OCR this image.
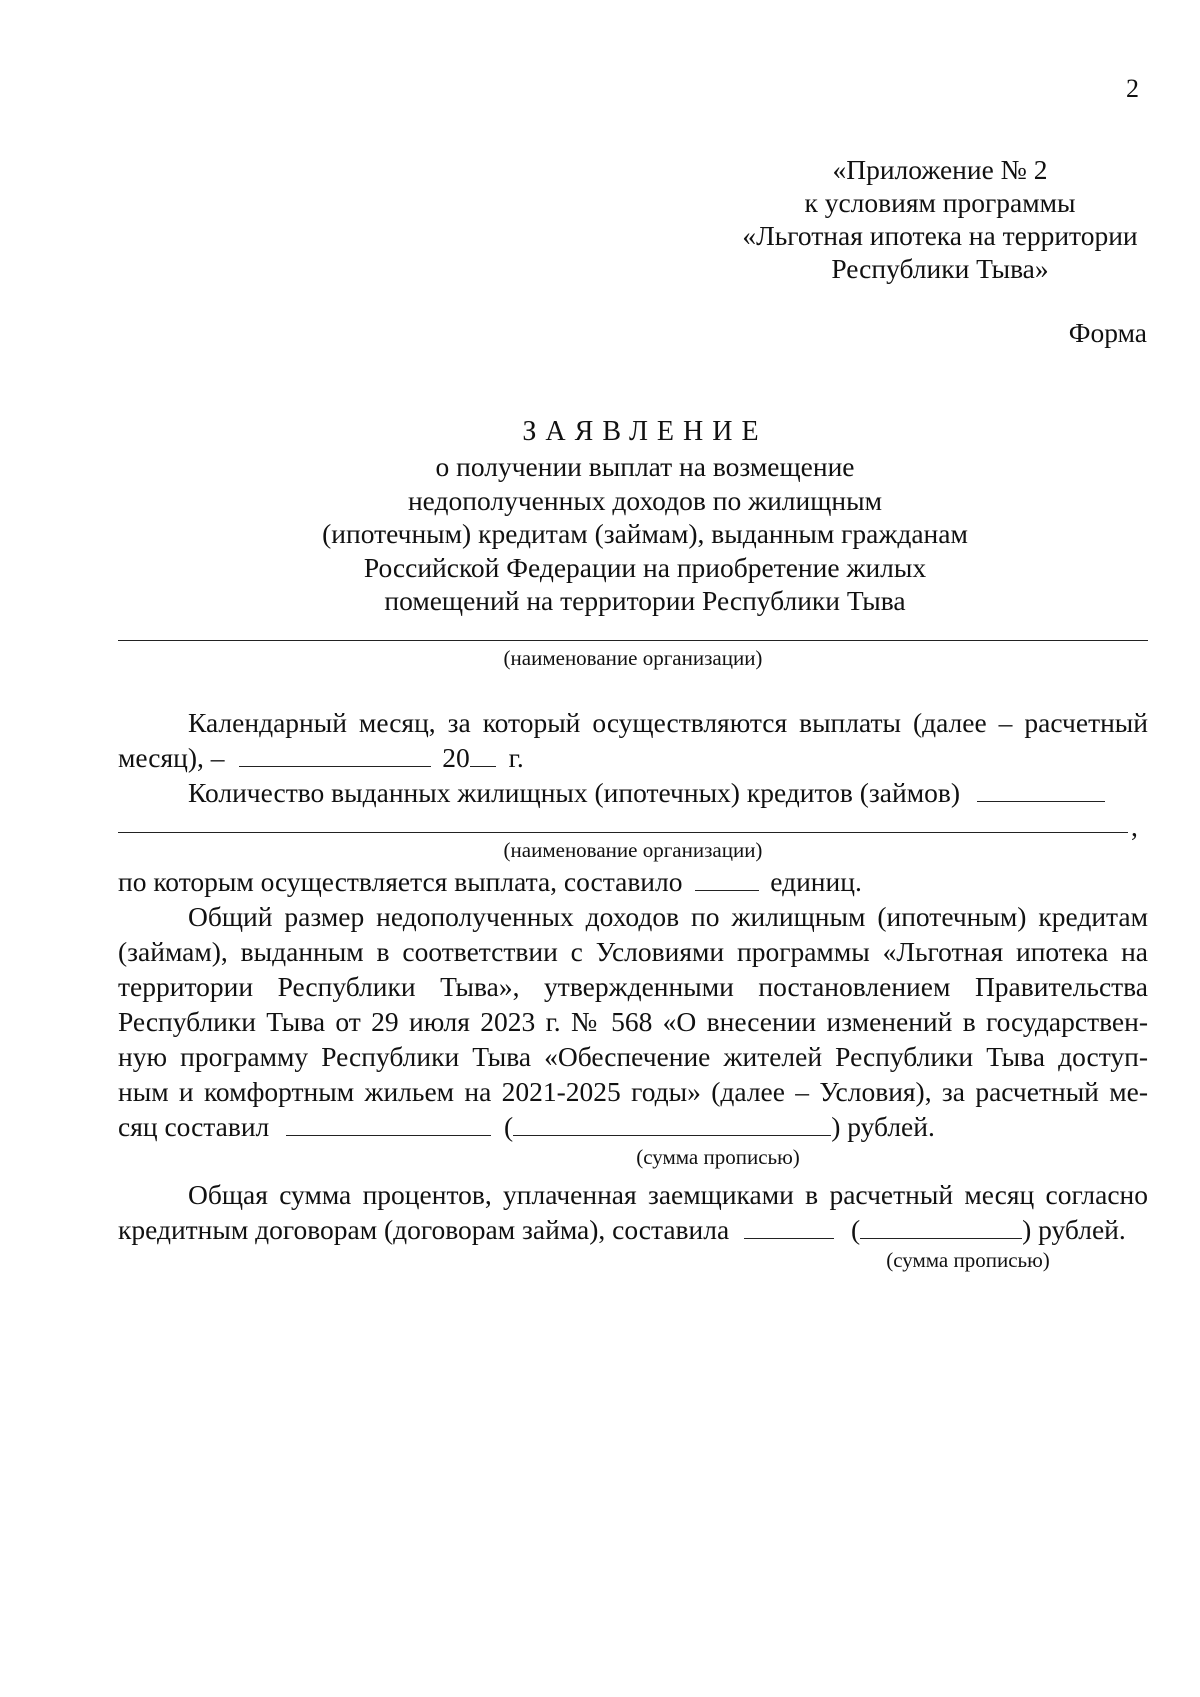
2
«Приложение № 2
к условиям программы
«Льготная ипотека на территории
Республики Тыва»
Форма
ЗАЯВЛЕНИЕ
о получении выплат на возмещение
недополученных доходов по жилищным
(ипотечным) кредитам (займам), выданным гражданам
Российской Федерации на приобретение жилых
помещений на территории Республики Тыва
(наименование организации)
Календарный месяц, за который осуществляются выплаты (далее – расчетный
месяц), –	20 г.
Количество выданных жилищных (ипотечных) кредитов (займов)
,
(наименование организации)
по которым осуществляется выплата, составило	единиц.
Общий размер недополученных доходов по жилищным (ипотечным) кредитам
(займам), выданным в соответствии с Условиями программы «Льготная ипотека на
территории Республики Тыва», утвержденными постановлением Правительства
Республики Тыва от 29 июля 2023 г. № 568 «О внесении изменений в государствен-
ную программу Республики Тыва «Обеспечение жителей Республики Тыва доступ-
ным и комфортным жильем на 2021-2025 годы» (далее – Условия), за расчетный ме-
сяц составил	(	) рублей.
(сумма прописью)
Общая сумма процентов, уплаченная заемщиками в расчетный месяц согласно
кредитным договорам (договорам займа), составила	(	) рублей.
(сумма прописью)
